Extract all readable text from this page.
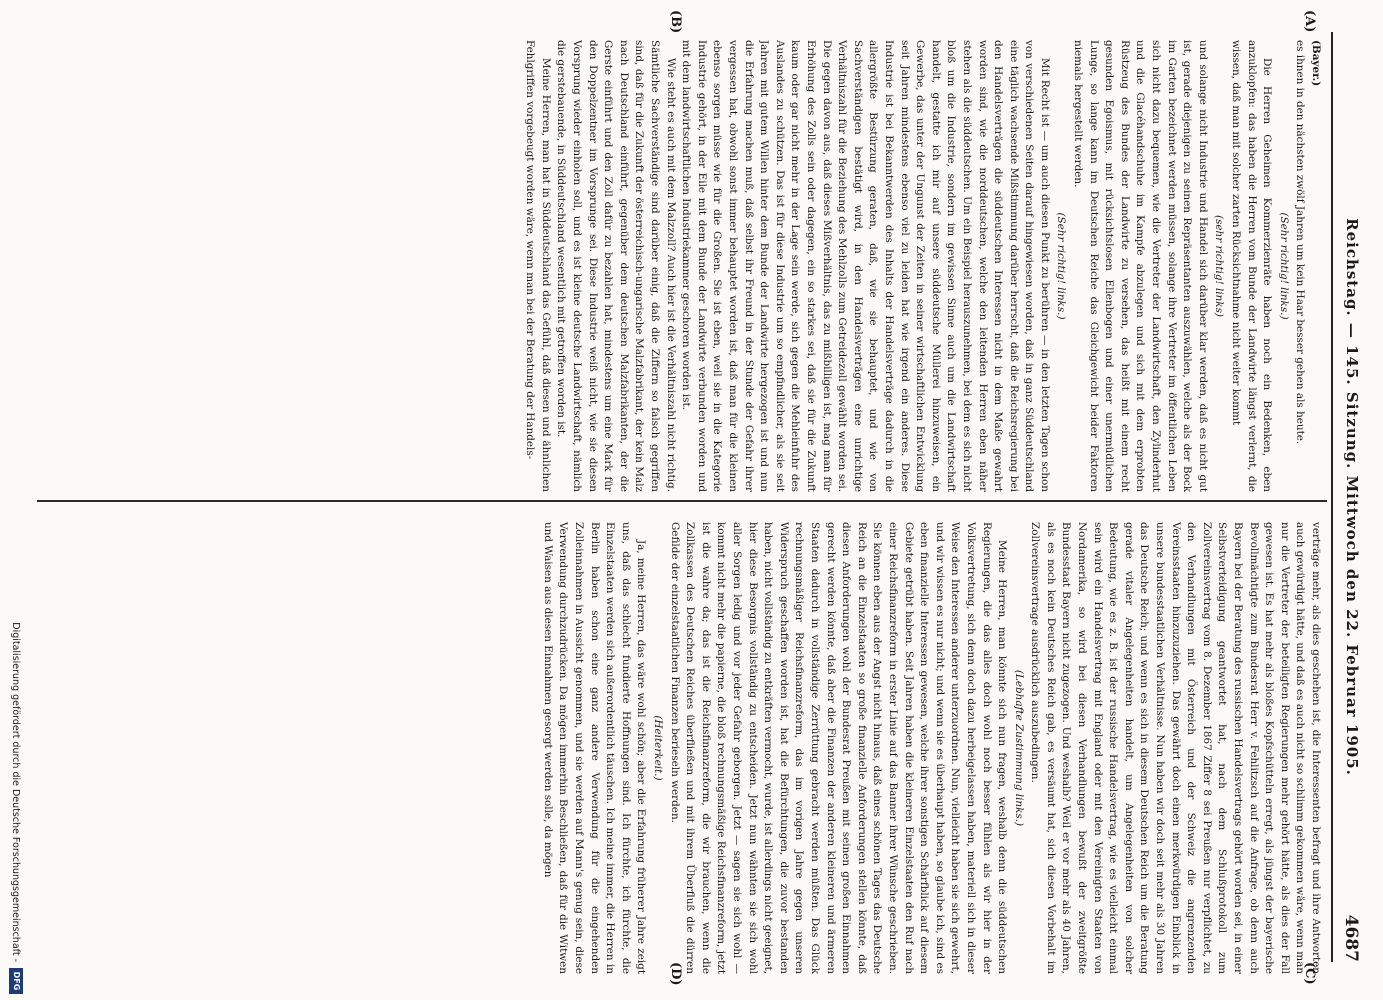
Reichstag. — 145. Sitzung. Mittwoch den 22. Februar 1905.
4687
(A)
(B)
(C)
(D)

(Bayer.)

es ihnen in den nächsten zwölf Jahren um kein Haar besser gehen als heute.

(Sehr richtig! links.)

Die Herren Geheimen Kommerzienräte haben noch ein Bedenken, eben anzuklopfen: das haben die Herren vom Bunde der Landwirte längst verlernt, die wissen, daß man mit solcher zarten Rücksichtnahme nicht weiter kommt

(sehr richtig! links)

und solange nicht Industrie und Handel sich darüber klar werden, daß es nicht gut ist, gerade diejenigen zu seinen Repräsentanten auszuwählen, welche als der Bock im Garten bezeichnet werden müssen, solange ihre Vertreter im öffentlichen Leben sich nicht dazu bequemen, wie die Vertreter der Landwirtschaft, den Zylinderhut und die Glacéhandschuhe im Kampfe abzulegen und sich mit dem erprobten Rüstzeug des Bundes der Landwirte zu versehen, das heißt mit einem recht gesunden Egoismus, mit rücksichtslosen Ellenbogen und einer unermüdlichen Lunge, so lange kann im Deutschen Reiche das Gleichgewicht beider Faktoren niemals hergestellt werden.

(Sehr richtig! links.)

Mit Recht ist — um auch diesen Punkt zu berühren — in den letzten Tagen schon von verschiedenen Seiten darauf hingewiesen worden, daß in ganz Süddeutschland eine täglich wachsende Mißstimmung darüber herrscht, daß die Reichsregierung bei den Handelsverträgen die süddeutschen Interessen nicht in dem Maße gewahrt worden sind, wie die norddeutschen, welche den leitenden Herren eben näher stehen als die süddeutschen. Um ein Beispiel herauszunehmen, bei dem es sich nicht bloß um die Industrie, sondern im gewissen Sinne auch um die Landwirtschaft handelt, gestatte ich mir auf unsere süddeutsche Müllerei hinzuweisen, ein Gewerbe, das unter der Ungunst der Zeiten in seiner wirtschaftlichen Entwicklung seit Jahren mindestens ebenso viel zu leiden hat wie irgend ein anderes. Diese Industrie ist bei Bekanntwerden des Inhalts der Handelsverträge dadurch in die allergrößte Bestürzung geraten, daß, wie sie behauptet, und wie von Sachverständigen bestätigt wird, in den Handelsverträgen eine unrichtige Verhältniszahl für die Beziehung des Mehlzolls zum Getreidezoll gewählt worden sei. Die gegen davon aus, daß dieses Mißverhältnis, das zu mißbilligen ist, mag man für Erhöhung des Zolls sein oder dagegen, ein so starkes sei, daß sie für die Zukunft kaum oder gar nicht mehr in der Lage sein werde, sich gegen die Mehleinfuhr des Auslandes zu schützen. Das ist für diese Industrie um so empfindlicher, als sie seit Jahren mit gutem Willen hinter dem Bunde der Landwirte hergezogen ist und nun die Erfahrung machen muß, daß selbst ihr Freund in der Stunde der Gefahr ihrer vergessen hat, obwohl sonst immer behauptet worden ist, daß man für die kleinen ebenso sorgen müsse wie für die Großen. Sie ist eben, weil sie in die Kategorie Industrie gehört, in der Eile mit dem Bunde der Landwirte verbunden worden und mit dem landwirtschaftlichen Industriekammer geschoren worden ist.

Wie steht es auch mit dem Malzzoll? Auch hier ist die Verhältniszahl nicht richtig. Sämtliche Sachverständige sind darüber einig, daß die Ziffern so falsch gegriffen sind, daß für die Zukunft der österreichisch-ungarische Malzfabrikant, der kein Malz nach Deutschland einführt, gegenüber dem deutschen Malzfabrikanten, der die Gerste einführt und den Zoll dafür zu bezahlen hat, mindestens um eine Mark für den Doppelzentner im Vorsprunge sei. Diese Industrie weiß nicht, wie sie diesen Vorsprung wieder einholen soll, und es ist kleine deutsche Landwirtschaft, nämlich die gerstebauende, in Süddeutschland wesentlich mit getroffen worden ist.

Meine Herren, man hat in Süddeutschland das Gefühl, daß diesen und ähnlichen Fehlgriffen vorgebeugt worden wäre, wenn man bei der Beratung der Handels-

verträge mehr, als dies geschehen ist, die Interessenten befragt und ihre Antworten auch gewürdigt hätte, und daß es auch nicht so schlimm gekommen wäre, wenn man nur die Vertreter der beteiligten Regierungen mehr gehört hätte, als dies der Fall gewesen ist. Es hat mehr als bloßes Kopfschütteln erregt, als jüngst der bayerische Bevollmächtigte zum Bundesrat Herr v. Fehlitzsch auf die Anfrage, ob denn auch Bayern bei der Beratung des russischen Handelsvertrags gehört worden sei, in einer Selbstverteidigung geantwortet hat, nach dem Schlußprotokoll zum Zollvereinsvertrag vom 8. Dezember 1867 Ziffer 8 sei Preußen nur verpflichtet, zu den Verhandlungen mit Österreich und der Schweiz die angrenzenden Vereinsstaaten hinzuzuziehen. Das gewährt doch einen merkwürdigen Einblick in unsere bundesstaatlichen Verhältnisse. Nun haben wir doch seit mehr als 30 Jahren das Deutsche Reich; und wenn es sich in diesem Deutschen Reich um die Beratung gerade vitaler Angelegenheiten handelt, um Angelegenheiten von solcher Bedeutung, wie es z. B. ist der russische Handelsvertrag, wie es vielleicht einmal sein wird ein Handelsvertrag mit England oder mit den Vereinigten Staaten von Nordamerika, so wird bei diesen Verhandlungen bewußt der zweitgrößte Bundesstaat Bayern nicht zugezogen. Und weshalb? Weil er vor mehr als 40 Jahren, als es noch kein Deutsches Reich gab, es versäumt hat, sich diesen Vorbehalt im Zollvereinsvertrage ausdrücklich auszubedingen.

(Lebhafte Zustimmung links.)

Meine Herren, man könnte sich nun fragen, weshalb denn die süddeutschen Regierungen, die das alles doch wohl noch besser fühlen als wir hier in der Volksvertretung, sich denn doch dazu herbeigelassen haben, materiell sich in dieser Weise den Interessen anderer unterzuordnen. Nun, vielleicht haben sie sich gewehrt, und wir wissen es nur nicht; und wenn sie es überhaupt haben, so glaube ich, sind es eben finanzielle Interessen gewesen, welche ihrer sonstigen Schärfblick auf diesem Gebiete getrübt haben. Seit Jahren haben die kleineren Einzelstaaten den Ruf nach einer Reichsfinanzreform in erster Linie auf das Banner ihrer Wünsche geschrieben. Sie können eben aus der Angst nicht hinaus, daß eines schönen Tages das Deutsche Reich an die Einzelstaaten so große finanzielle Anforderungen stellen könnte, daß diesen Anforderungen wohl der Bundesrat Preußen mit seinen großen Einnahmen gerecht werden könnte, daß aber die Finanzen der anderen kleineren und ärmeren Staaten dadurch in vollständige Zerrüttung gebracht werden müßten. Das Glück rechnungsmäßiger Reichsfinanzreform, das im vorigen Jahre gegen unseren Widerspruch geschaffen worden ist, hat die Befürchtungen, die zuvor bestanden haben, nicht vollständig zu entkräften vermocht, wurde, ist allerdings nicht geeignet, hier diese Besorgnis vollständig zu entscheiden. Jetzt nun wähnten sie sich wohl aller Sorgen ledig und vor jeder Gefahr geborgen. Jetzt — sagen sie sich wohl — kommt nicht mehr die papierne, die bloß rechnungsmäßige Reichsfinanzreform, jetzt ist die wahre da; das ist die Reichsfinanzreform, die wir brauchen, wenn die Zollkassen des Deutschen Reiches überfließen und mit ihrem Überfluß die dürren Gefilde der einzelstaatlichen Finanzen berieseln werden.

(Heiterkeit.)

Ja, meine Herren, das wäre wohl schön; aber die Erfahrung früherer Jahre zeigt uns, daß das schlecht fundierte Hoffnungen sind. Ich fürchte, ich fürchte, die Einzelstaaten werden sich außerordentlich täuschen. Ich meine immer, die Herren in Berlin haben schon eine ganz andere Verwendung für die eingehenden Zolleinnahmen in Aussicht genommen, und sie werden auf Mann's genug sein, diese Verwendung durchzudrücken. Da mögen immerhin Beschließen, daß für die Witwen und Waisen aus diesen Einnahmen gesorgt werden solle, da mögen

Digitalisierung gefördert durch die Deutsche Forschungsgemeinschaft -
DFG
